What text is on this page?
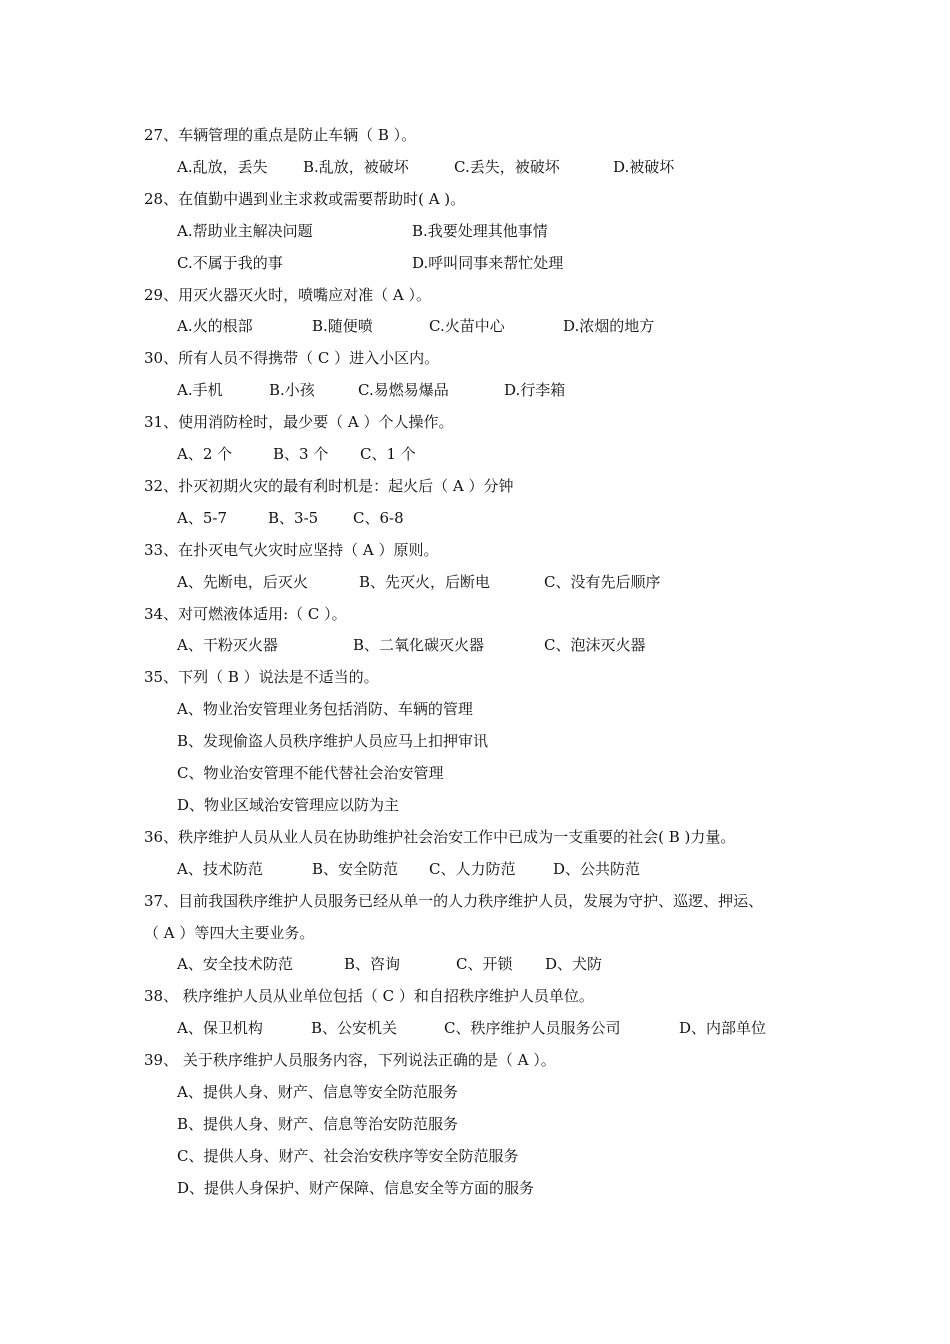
27、车辆管理的重点是防止车辆（ B ）。
A.乱放，丢失 B.乱放，被破坏	C.丢失，被破坏	D.被破坏
28、在值勤中遇到业主求救或需要帮助时( A )。
A.帮助业主解决问题	B.我要处理其他事情
C.不属于我的事	D.呼叫同事来帮忙处理
29、用灭火器灭火时，喷嘴应对准（ A ）。
A.火的根部	B.随便喷	C.火苗中心	D.浓烟的地方
30、所有人员不得携带（ C ）进入小区内。
A.手机	B.小孩	C.易燃易爆品	D.行李箱
31、使用消防栓时，最少要（ A ）个人操作。
A、2 个	B、3 个 C、1 个
32、扑灭初期火灾的最有利时机是：起火后（ A ）分钟
A、5-7	B、3-5 C、6-8
33、在扑灭电气火灾时应坚持（ A ）原则。
A、先断电，后灭火	B、先灭火，后断电	C、没有先后顺序
34、对可燃液体适用:（ C ）。
A、干粉灭火器	B、二氧化碳灭火器	C、泡沫灭火器
35、下列（ B ）说法是不适当的。
A、物业治安管理业务包括消防、车辆的管理
B、发现偷盗人员秩序维护人员应马上扣押审讯
C、物业治安管理不能代替社会治安管理
D、物业区域治安管理应以防为主
36、秩序维护人员从业人员在协助维护社会治安工作中已成为一支重要的社会( B )力量。
A、技术防范	B、安全防范 C、人力防范	D、公共防范
37、目前我国秩序维护人员服务已经从单一的人力秩序维护人员，发展为守护、巡逻、押运、
（ A ）等四大主要业务。
A、安全技术防范	B、咨询	C、开锁 D、犬防
38、 秩序维护人员从业单位包括（ C ）和自招秩序维护人员单位。
A、保卫机构	B、公安机关	C、秩序维护人员服务公司	D、内部单位
39、 关于秩序维护人员服务内容，下列说法正确的是（ A ）。
A、提供人身、财产、信息等安全防范服务
B、提供人身、财产、信息等治安防范服务
C、提供人身、财产、社会治安秩序等安全防范服务
D、提供人身保护、财产保障、信息安全等方面的服务
